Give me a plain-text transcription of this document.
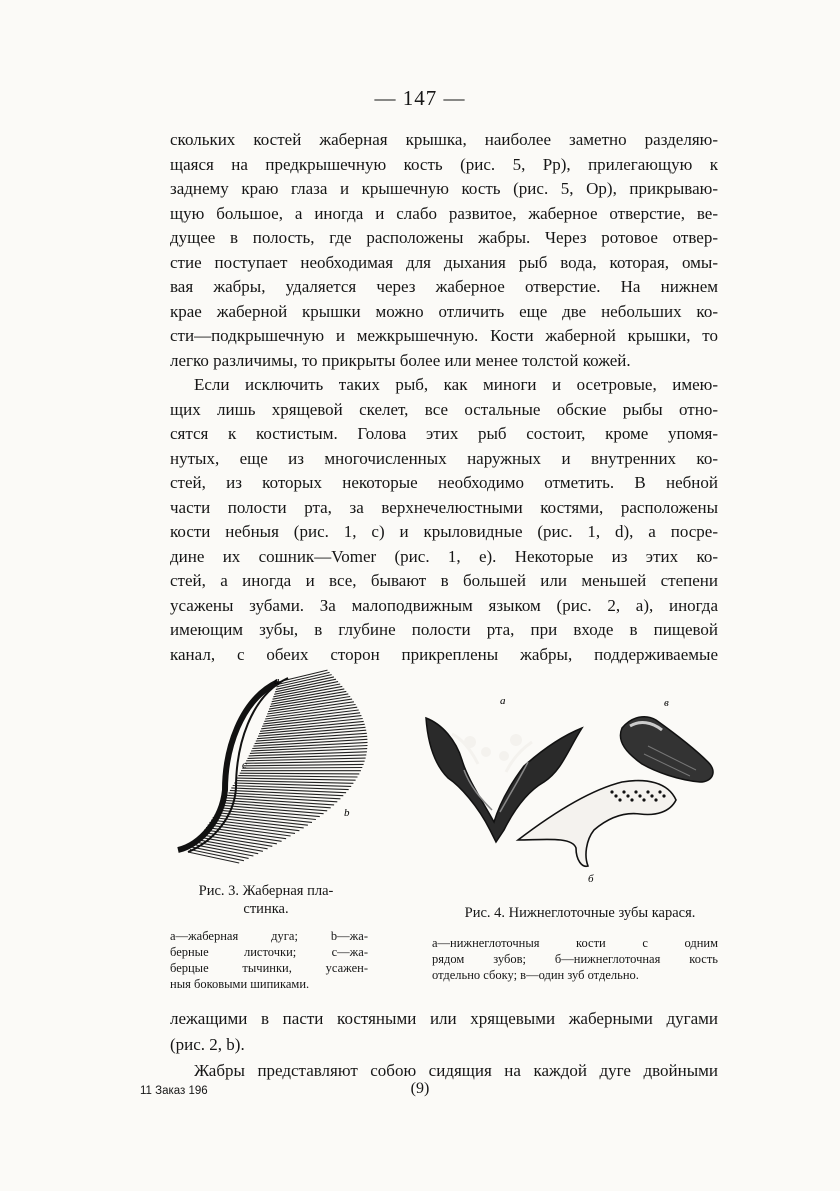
— 147 —
скольких костей жаберная крышка, наиболее заметно разделяю-
щаяся на предкрышечную кость (рис. 5, Pp), прилегающую к
заднему краю глаза и крышечную кость (рис. 5, Op), прикрываю-
щую большое, а иногда и слабо развитое, жаберное отверстие, ве-
дущее в полость, где расположены жабры. Через ротовое отвер-
стие поступает необходимая для дыхания рыб вода, которая, омы-
вая жабры, удаляется через жаберное отверстие. На нижнем
крае жаберной крышки можно отличить еще две небольших ко-
сти—подкрышечную и межкрышечную. Кости жаберной крышки, то
легко различимы, то прикрыты более или менее толстой кожей.
Если исключить таких рыб, как миноги и осетровые, имею-
щих лишь хрящевой скелет, все остальные обские рыбы отно-
сятся к костистым. Голова этих рыб состоит, кроме упомя-
нутых, еще из многочисленных наружных и внутренних ко-
стей, из которых некоторые необходимо отметить. В небной
части полости рта, за верхнечелюстными костями, расположены
кости небныя (рис. 1, c) и крыловидные (рис. 1, d), а посре-
дине их сошник—Vomer (рис. 1, e). Некоторые из этих ко-
стей, а иногда и все, бывают в большей или меньшей степени
усажены зубами. За малоподвижным языком (рис. 2, a), иногда
имеющим зубы, в глубине полости рта, при входе в пищевой
канал, с обеих сторон прикреплены жабры, поддерживаемые
a
c
b
Рис. 3. Жаберная пла-
стинка.
a—жаберная дуга; b—жа-
берные листочки; c—жа-
берцые тычинки, усажен-
ныя боковыми шипиками.
a	в
б
Рис. 4. Нижнеглоточные зубы карася.
a—нижнеглоточныя кости с одним
рядом зубов; б—нижнеглоточная кость
отдельно сбоку; в—один зуб отдельно.
лежащими в пасти костяными или хрящевыми жаберными дугами
(рис. 2, b).
Жабры представляют собою сидящия на каждой дуге двойными
11 Заказ 196	(9)
